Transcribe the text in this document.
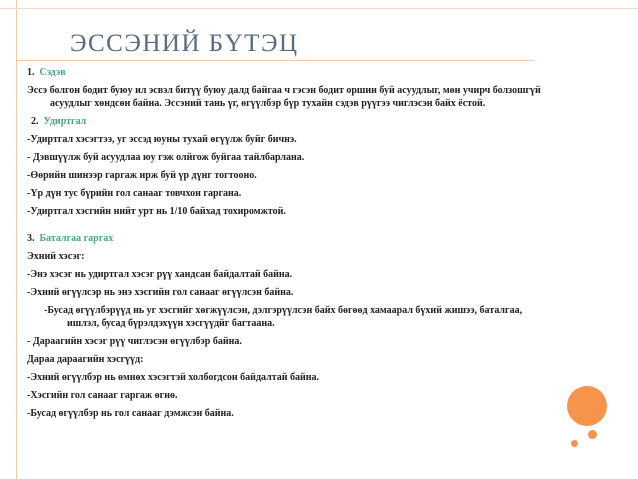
ЭССЭНИЙ БҮТЭЦ
1. Сэдэв
Эссэ болгон бодит буюу ил эсвэл битүү буюу далд байгаа ч гэсэн бодит оршин буй асуудлыг, мөн учирч болзошгүй асуудлыг хөндсөн байна. Эссэний тань үг, өгүүлбэр бүр тухайн сэдэв рүүгээ чиглэсэн байх ёстой.
2. Удиртгал
-Удиртгал хэсэгтээ, уг эссэд юуны тухай өгүүлж буйг бичнэ.
- Дэвшүүлж буй асуудлаа юу гэж олйгож буйгаа тайлбарлана.
-Өөрийн шинээр гаргаж ирж буй үр дүнг тогтооно.
-Үр дүн тус бүрийн гол санааг товчхон гаргана.
-Удиртгал хэсгийн нийт урт нь 1/10 байхад тохиромжтой.
3. Баталгаа гаргах
Эхний хэсэг:
-Энэ хэсэг нь удиртгал хэсэг рүү хандсан байдалтай байна.
-Эхний өгүүлсэр нь энэ хэсгийн гол санааг өгүүлсэн байна.
-Бусад өгүүлбэрүүд нь уг хэсгийг хөгжүүлсэн, дэлгэрүүлсэн байх бөгөөд хамаарал бүхий жишээ, баталгаа, ишлэл, бусад бүрэлдэхүүн хэсгүүдйг багтаана.
- Дараагийн хэсэг рүү чиглэсэн өгүүлбэр байна.
Дараа дараагийн хэсгүүд:
-Эхний өгүүлбэр нь өмнөх хэсэгтэй холбогдсон байдалтай байна.
-Хэсгийн гол санааг гаргаж өгнө.
-Бусад өгүүлбэр нь гол санааг дэмжсэн байна.
